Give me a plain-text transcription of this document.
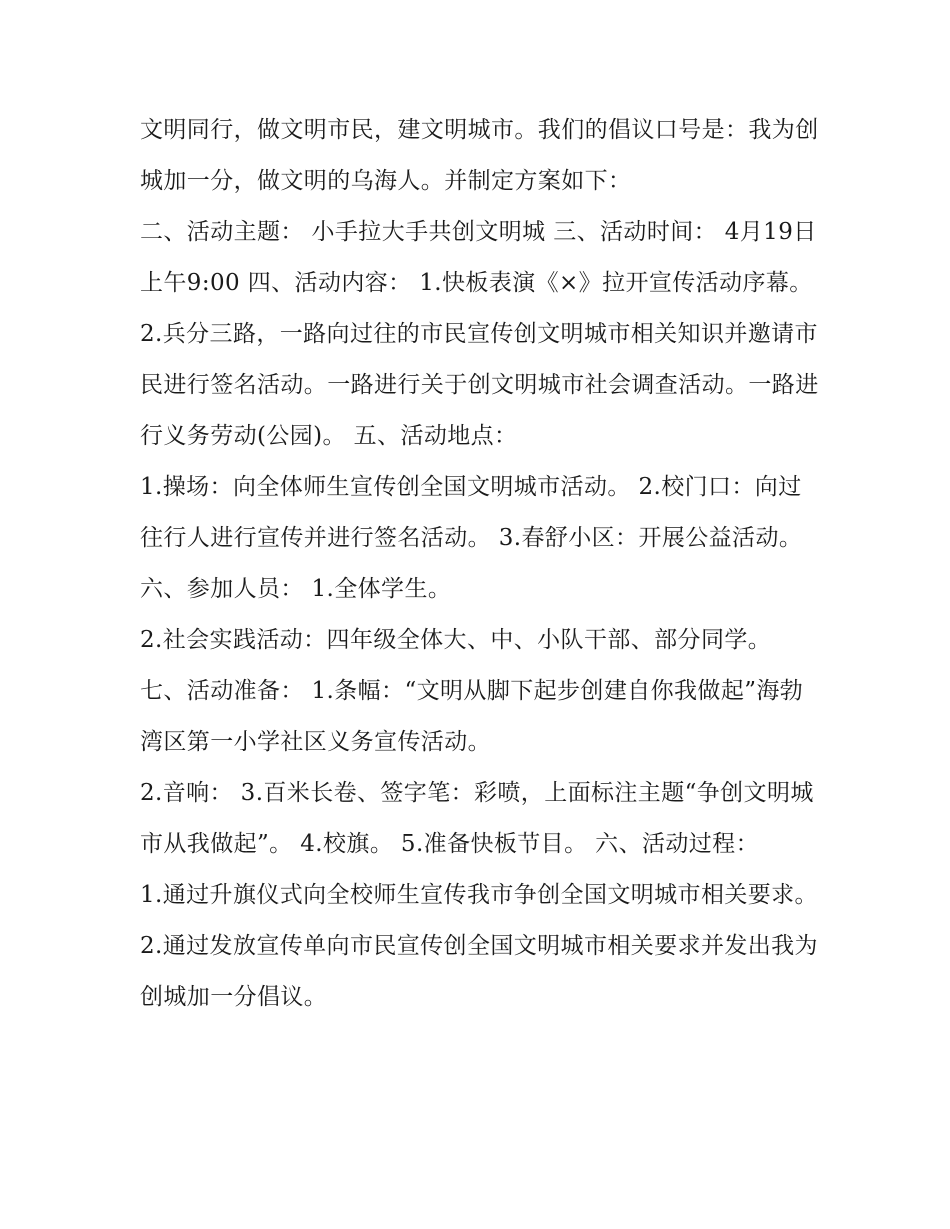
文明同行，做文明市民，建文明城市。我们的倡议口号是：我为创城加一分，做文明的乌海人。并制定方案如下：

二、活动主题： 小手拉大手共创文明城 三、活动时间： 4月19日上午9:00 四、活动内容： 1.快板表演《×》拉开宣传活动序幕。

2.兵分三路，一路向过往的市民宣传创文明城市相关知识并邀请市民进行签名活动。一路进行关于创文明城市社会调查活动。一路进行义务劳动(公园)。 五、活动地点：

1.操场：向全体师生宣传创全国文明城市活动。 2.校门口：向过往行人进行宣传并进行签名活动。 3.春舒小区：开展公益活动。 六、参加人员： 1.全体学生。

2.社会实践活动：四年级全体大、中、小队干部、部分同学。

七、活动准备： 1.条幅：“文明从脚下起步创建自你我做起”海勃湾区第一小学社区义务宣传活动。

2.音响： 3.百米长卷、签字笔：彩喷，上面标注主题“争创文明城市从我做起”。 4.校旗。 5.准备快板节目。 六、活动过程：

1.通过升旗仪式向全校师生宣传我市争创全国文明城市相关要求。 2.通过发放宣传单向市民宣传创全国文明城市相关要求并发出我为创城加一分倡议。
